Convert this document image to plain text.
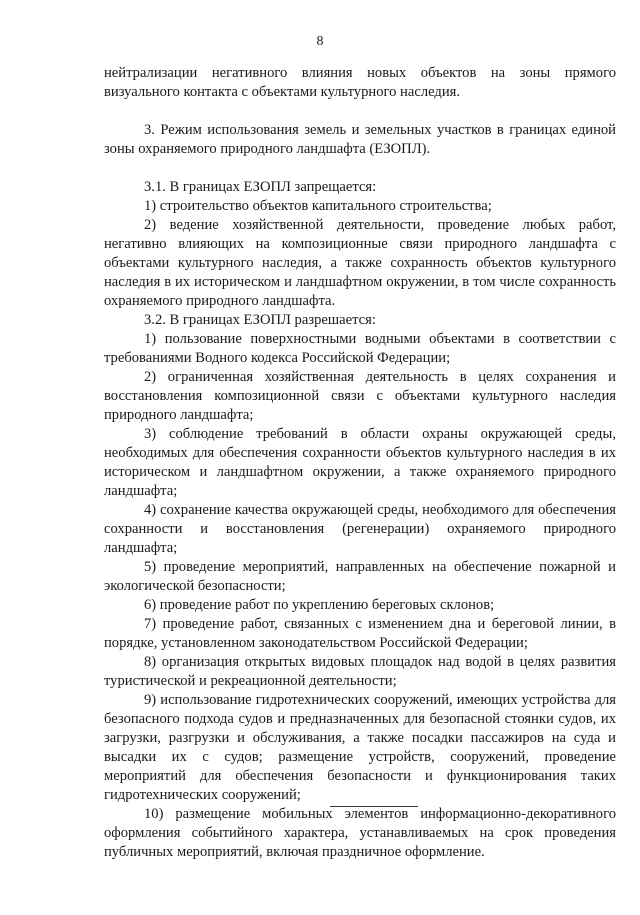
8

нейтрализации негативного влияния новых объектов на зоны прямого визуального контакта с объектами культурного наследия.

3. Режим использования земель и земельных участков в границах единой зоны охраняемого природного ландшафта (ЕЗОПЛ).

3.1. В границах ЕЗОПЛ запрещается:

1) строительство объектов капитального строительства;

2) ведение хозяйственной деятельности, проведение любых работ, негативно влияющих на композиционные связи природного ландшафта с объектами культурного наследия, а также сохранность объектов культурного наследия в их историческом и ландшафтном окружении, в том числе сохранность охраняемого природного ландшафта.

3.2. В границах ЕЗОПЛ разрешается:

1) пользование поверхностными водными объектами в соответствии с требованиями Водного кодекса Российской Федерации;

2) ограниченная хозяйственная деятельность в целях сохранения и восстановления композиционной связи с объектами культурного наследия природного ландшафта;

3) соблюдение требований в области охраны окружающей среды, необходимых для обеспечения сохранности объектов культурного наследия в их историческом и ландшафтном окружении, а также охраняемого природного ландшафта;

4) сохранение качества окружающей среды, необходимого для обеспечения сохранности и восстановления (регенерации) охраняемого природного ландшафта;

5) проведение мероприятий, направленных на обеспечение пожарной и экологической безопасности;

6) проведение работ по укреплению береговых склонов;

7) проведение работ, связанных с изменением дна и береговой линии, в порядке, установленном законодательством Российской Федерации;

8) организация открытых видовых площадок над водой в целях развития туристической и рекреационной деятельности;

9) использование гидротехнических сооружений, имеющих устройства для безопасного подхода судов и предназначенных для безопасной стоянки судов, их загрузки, разгрузки и обслуживания, а также посадки пассажиров на суда и высадки их с судов; размещение устройств, сооружений, проведение мероприятий для обеспечения безопасности и функционирования таких гидротехнических сооружений;

10) размещение мобильных элементов информационно-декоративного оформления событийного характера, устанавливаемых на срок проведения публичных мероприятий, включая праздничное оформление.
